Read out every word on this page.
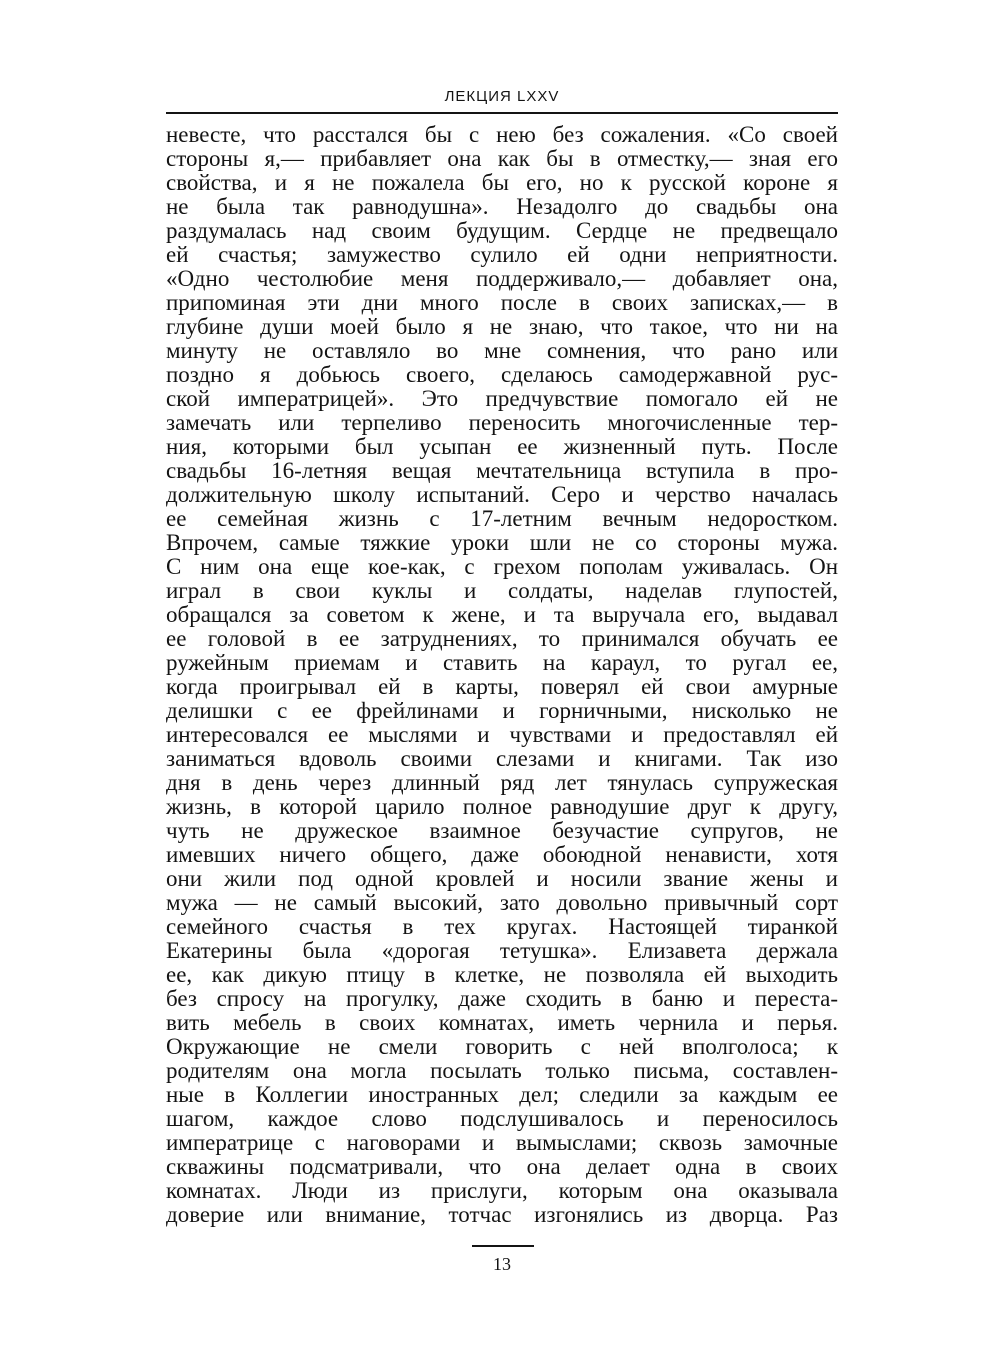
ЛЕКЦИЯ LXXV
невесте, что расстался бы с нею без сожаления. «Со своей
стороны я,— прибавляет она как бы в отместку,— зная его
свойства, и я не пожалела бы его, но к русской короне я
не была так равнодушна». Незадолго до свадьбы она
раздумалась над своим будущим. Сердце не предвещало
ей счастья; замужество сулило ей одни неприятности.
«Одно честолюбие меня поддерживало,— добавляет она,
припоминая эти дни много после в своих записках,— в
глубине души моей было я не знаю, что такое, что ни на
минуту не оставляло во мне сомнения, что рано или
поздно я добьюсь своего, сделаюсь самодержавной рус-
ской императрицей». Это предчувствие помогало ей не
замечать или терпеливо переносить многочисленные тер-
ния, которыми был усыпан ее жизненный путь. После
свадьбы 16-летняя вещая мечтательница вступила в про-
должительную школу испытаний. Серо и черство началась
ее семейная жизнь с 17-летним вечным недоростком.
Впрочем, самые тяжкие уроки шли не со стороны мужа.
С ним она еще кое-как, с грехом пополам уживалась. Он
играл в свои куклы и солдаты, наделав глупостей,
обращался за советом к жене, и та выручала его, выдавал
ее головой в ее затруднениях, то принимался обучать ее
ружейным приемам и ставить на караул, то ругал ее,
когда проигрывал ей в карты, поверял ей свои амурные
делишки с ее фрейлинами и горничными, нисколько не
интересовался ее мыслями и чувствами и предоставлял ей
заниматься вдоволь своими слезами и книгами. Так изо
дня в день через длинный ряд лет тянулась супружеская
жизнь, в которой царило полное равнодушие друг к другу,
чуть не дружеское взаимное безучастие супругов, не
имевших ничего общего, даже обоюдной ненависти, хотя
они жили под одной кровлей и носили звание жены и
мужа — не самый высокий, зато довольно привычный сорт
семейного счастья в тех кругах. Настоящей тиранкой
Екатерины была «дорогая тетушка». Елизавета держала
ее, как дикую птицу в клетке, не позволяла ей выходить
без спросу на прогулку, даже сходить в баню и переста-
вить мебель в своих комнатах, иметь чернила и перья.
Окружающие не смели говорить с ней вполголоса; к
родителям она могла посылать только письма, составлен-
ные в Коллегии иностранных дел; следили за каждым ее
шагом, каждое слово подслушивалось и переносилось
императрице с наговорами и вымыслами; сквозь замочные
скважины подсматривали, что она делает одна в своих
комнатах. Люди из прислуги, которым она оказывала
доверие или внимание, тотчас изгонялись из дворца. Раз
13
